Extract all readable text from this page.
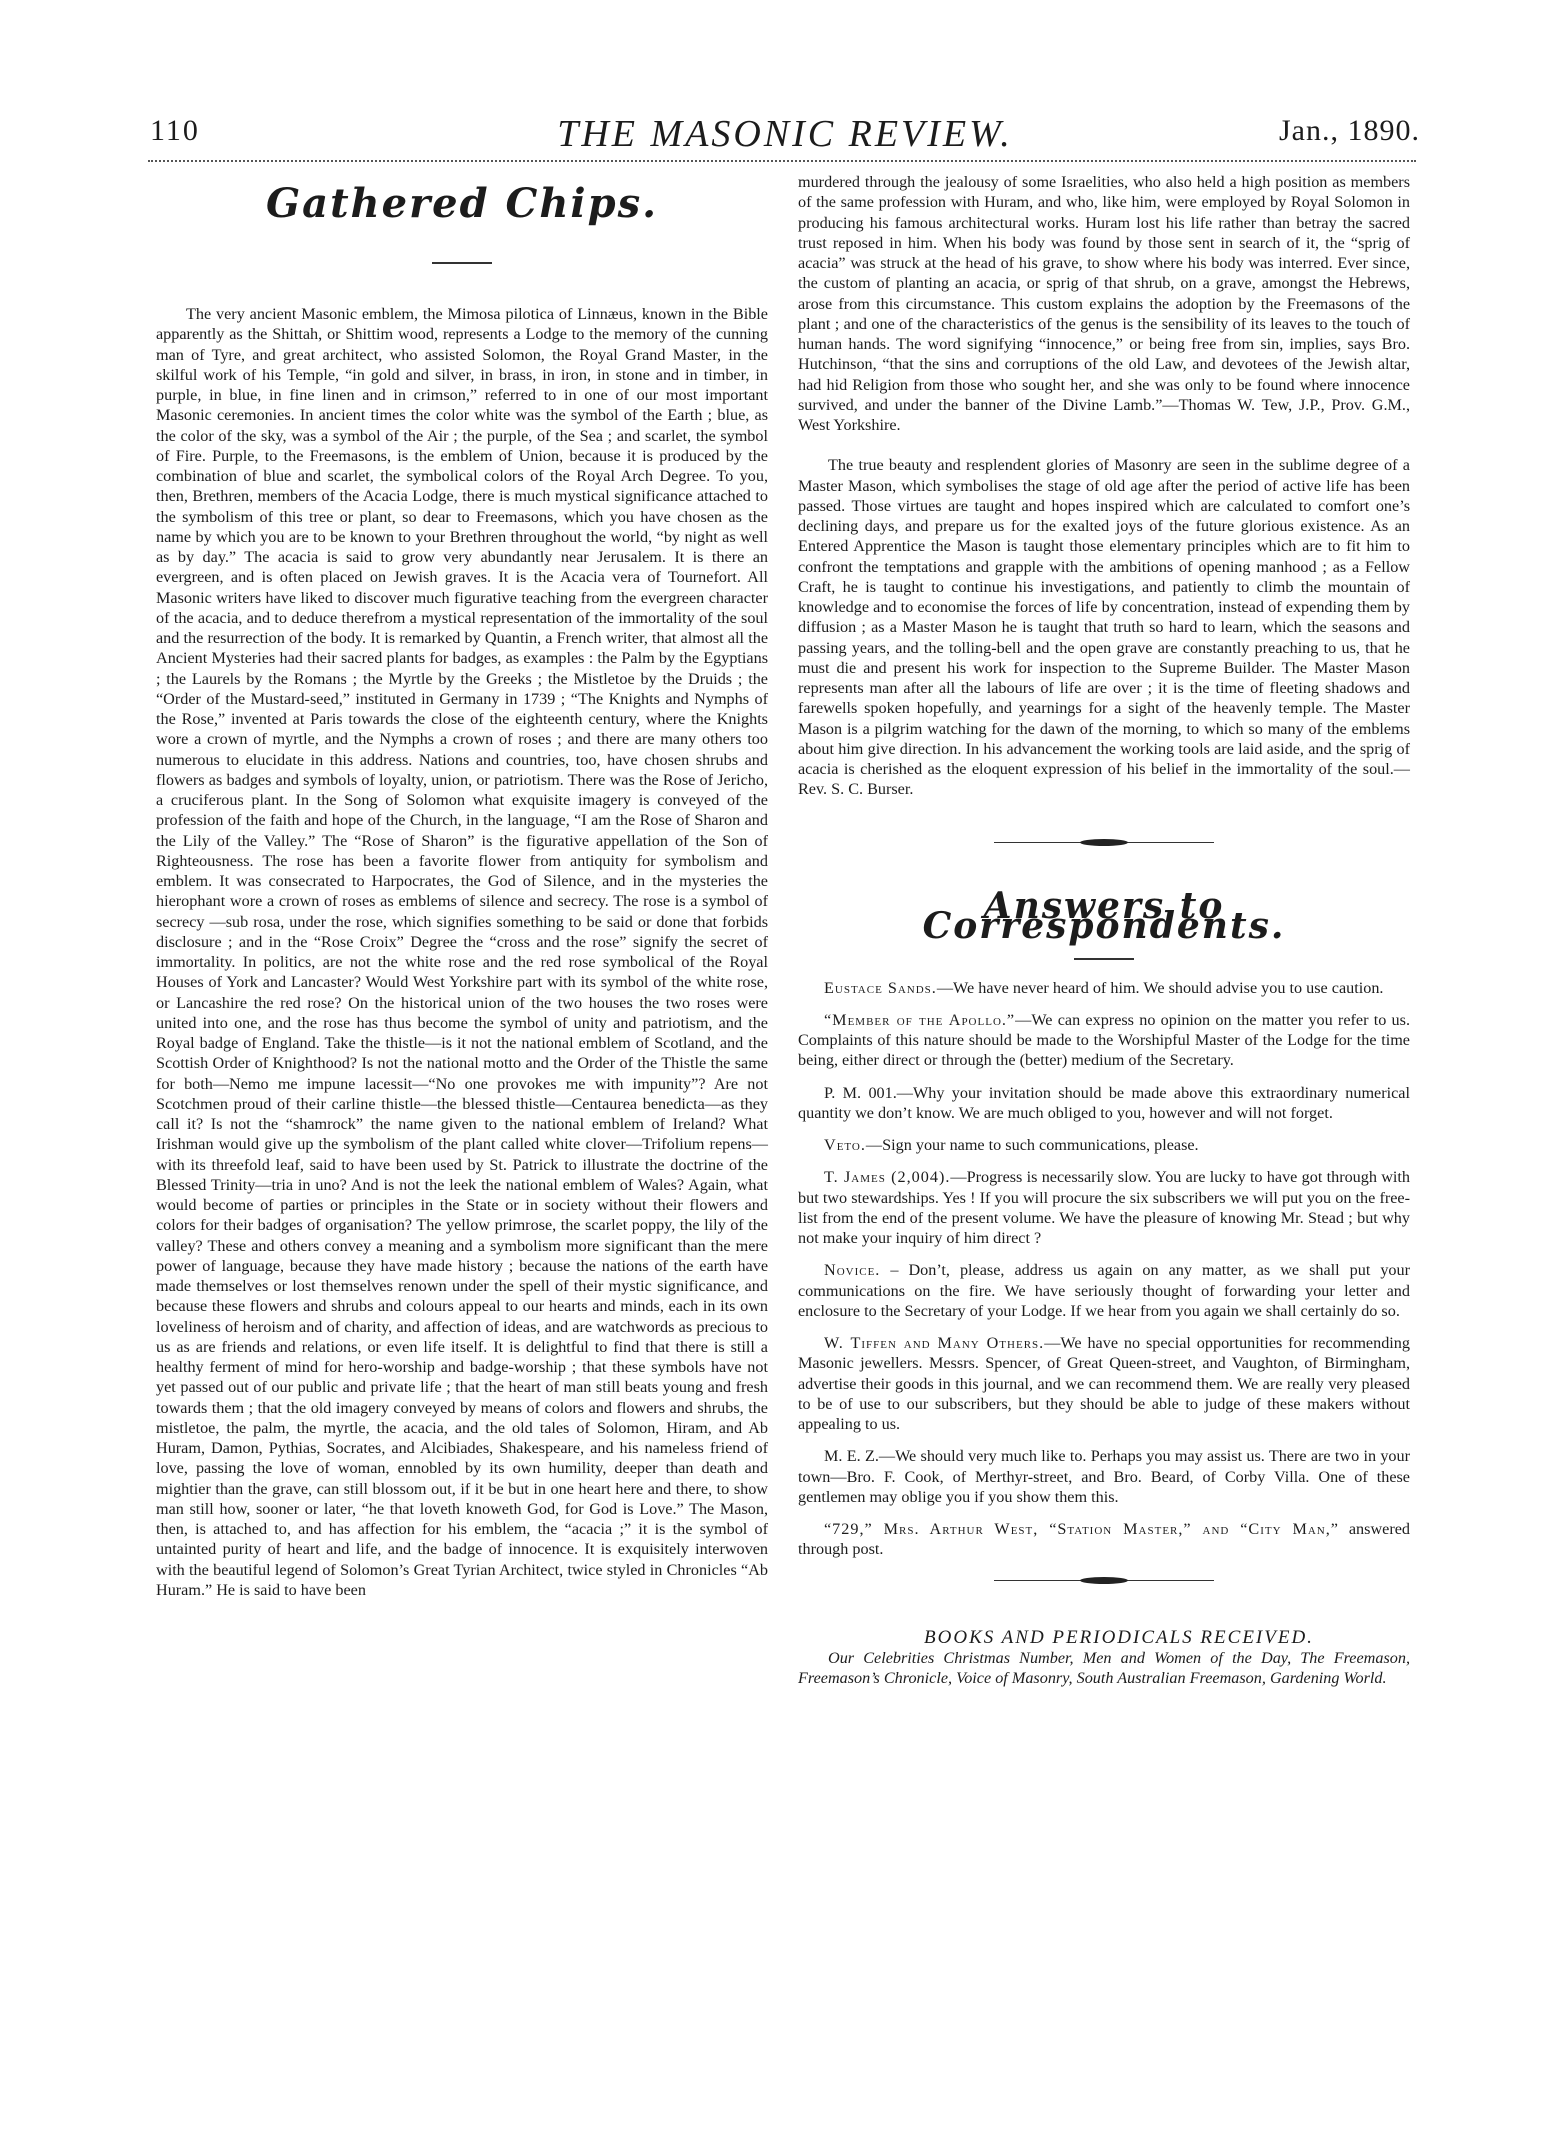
110	THE MASONIC REVIEW.	Jan., 1890.
Gathered Chips.

The very ancient Masonic emblem, the Mimosa pilotica of Linnæus, known in the Bible apparently as the Shittah, or Shittim wood, represents a Lodge to the memory of the cunning man of Tyre, and great architect, who assisted Solomon, the Royal Grand Master, in the skilful work of his Temple, “in gold and silver, in brass, in iron, in stone and in timber, in purple, in blue, in fine linen and in crimson,” referred to in one of our most important Masonic ceremonies. In ancient times the color white was the symbol of the Earth ; blue, as the color of the sky, was a symbol of the Air ; the purple, of the Sea ; and scarlet, the symbol of Fire. Purple, to the Freemasons, is the emblem of Union, because it is produced by the combination of blue and scarlet, the symbolical colors of the Royal Arch Degree. To you, then, Brethren, members of the Acacia Lodge, there is much mystical significance attached to the symbolism of this tree or plant, so dear to Freemasons, which you have chosen as the name by which you are to be known to your Brethren throughout the world, “by night as well as by day.” The acacia is said to grow very abundantly near Jerusalem. It is there an evergreen, and is often placed on Jewish graves. It is the Acacia vera of Tournefort. All Masonic writers have liked to discover much figurative teaching from the evergreen character of the acacia, and to deduce therefrom a mystical representation of the immortality of the soul and the resurrection of the body. It is remarked by Quantin, a French writer, that almost all the Ancient Mysteries had their sacred plants for badges, as examples : the Palm by the Egyptians ; the Laurels by the Romans ; the Myrtle by the Greeks ; the Mistletoe by the Druids ; the “Order of the Mustard-seed,” instituted in Germany in 1739 ; “The Knights and Nymphs of the Rose,” invented at Paris towards the close of the eighteenth century, where the Knights wore a crown of myrtle, and the Nymphs a crown of roses ; and there are many others too numerous to elucidate in this address. Nations and countries, too, have chosen shrubs and flowers as badges and symbols of loyalty, union, or patriotism. There was the Rose of Jericho, a cruciferous plant. In the Song of Solomon what exquisite imagery is conveyed of the profession of the faith and hope of the Church, in the language, “I am the Rose of Sharon and the Lily of the Valley.” The “Rose of Sharon” is the figurative appellation of the Son of Righteousness. The rose has been a favorite flower from antiquity for symbolism and emblem. It was consecrated to Harpocrates, the God of Silence, and in the mysteries the hierophant wore a crown of roses as emblems of silence and secrecy. The rose is a symbol of secrecy —sub rosa, under the rose, which signifies something to be said or done that forbids disclosure ; and in the “Rose Croix” Degree the “cross and the rose” signify the secret of immortality. In politics, are not the white rose and the red rose symbolical of the Royal Houses of York and Lancaster? Would West Yorkshire part with its symbol of the white rose, or Lancashire the red rose? On the historical union of the two houses the two roses were united into one, and the rose has thus become the symbol of unity and patriotism, and the Royal badge of England. Take the thistle—is it not the national emblem of Scotland, and the Scottish Order of Knighthood? Is not the national motto and the Order of the Thistle the same for both—Nemo me impune lacessit—“No one provokes me with impunity”? Are not Scotchmen proud of their carline thistle—the blessed thistle—Centaurea benedicta—as they call it? Is not the “shamrock” the name given to the national emblem of Ireland? What Irishman would give up the symbolism of the plant called white clover—Trifolium repens—with its threefold leaf, said to have been used by St. Patrick to illustrate the doctrine of the Blessed Trinity—tria in uno? And is not the leek the national emblem of Wales? Again, what would become of parties or principles in the State or in society without their flowers and colors for their badges of organisation? The yellow primrose, the scarlet poppy, the lily of the valley? These and others convey a meaning and a symbolism more significant than the mere power of language, because they have made history ; because the nations of the earth have made themselves or lost themselves renown under the spell of their mystic significance, and because these flowers and shrubs and colours appeal to our hearts and minds, each in its own loveliness of heroism and of charity, and affection of ideas, and are watchwords as precious to us as are friends and relations, or even life itself. It is delightful to find that there is still a healthy ferment of mind for hero-worship and badge-worship ; that these symbols have not yet passed out of our public and private life ; that the heart of man still beats young and fresh towards them ; that the old imagery conveyed by means of colors and flowers and shrubs, the mistletoe, the palm, the myrtle, the acacia, and the old tales of Solomon, Hiram, and Ab Huram, Damon, Pythias, Socrates, and Alcibiades, Shakespeare, and his nameless friend of love, passing the love of woman, ennobled by its own humility, deeper than death and mightier than the grave, can still blossom out, if it be but in one heart here and there, to show man still how, sooner or later, “he that loveth knoweth God, for God is Love.” The Mason, then, is attached to, and has affection for his emblem, the “acacia ;” it is the symbol of untainted purity of heart and life, and the badge of innocence. It is exquisitely interwoven with the beautiful legend of Solomon’s Great Tyrian Architect, twice styled in Chronicles “Ab Huram.” He is said to have been

murdered through the jealousy of some Israelities, who also held a high position as members of the same profession with Huram, and who, like him, were employed by Royal Solomon in producing his famous architectural works. Huram lost his life rather than betray the sacred trust reposed in him. When his body was found by those sent in search of it, the “sprig of acacia” was struck at the head of his grave, to show where his body was interred. Ever since, the custom of planting an acacia, or sprig of that shrub, on a grave, amongst the Hebrews, arose from this circumstance. This custom explains the adoption by the Freemasons of the plant ; and one of the characteristics of the genus is the sensibility of its leaves to the touch of human hands. The word signifying “innocence,” or being free from sin, implies, says Bro. Hutchinson, “that the sins and corruptions of the old Law, and devotees of the Jewish altar, had hid Religion from those who sought her, and she was only to be found where innocence survived, and under the banner of the Divine Lamb.”—Thomas W. Tew, J.P., Prov. G.M., West Yorkshire.

The true beauty and resplendent glories of Masonry are seen in the sublime degree of a Master Mason, which symbolises the stage of old age after the period of active life has been passed. Those virtues are taught and hopes inspired which are calculated to comfort one’s declining days, and prepare us for the exalted joys of the future glorious existence. As an Entered Apprentice the Mason is taught those elementary principles which are to fit him to confront the temptations and grapple with the ambitions of opening manhood ; as a Fellow Craft, he is taught to continue his investigations, and patiently to climb the mountain of knowledge and to economise the forces of life by concentration, instead of expending them by diffusion ; as a Master Mason he is taught that truth so hard to learn, which the seasons and passing years, and the tolling-bell and the open grave are constantly preaching to us, that he must die and present his work for inspection to the Supreme Builder. The Master Mason represents man after all the labours of life are over ; it is the time of fleeting shadows and farewells spoken hopefully, and yearnings for a sight of the heavenly temple. The Master Mason is a pilgrim watching for the dawn of the morning, to which so many of the emblems about him give direction. In his advancement the working tools are laid aside, and the sprig of acacia is cherished as the eloquent expression of his belief in the immortality of the soul.—Rev. S. C. Burser.

Answers to Correspondents.

Eustace Sands.—We have never heard of him. We should advise you to use caution.

“Member of the Apollo.”—We can express no opinion on the matter you refer to us. Complaints of this nature should be made to the Worshipful Master of the Lodge for the time being, either direct or through the (better) medium of the Secretary.

P. M. 001.—Why your invitation should be made above this extraordinary numerical quantity we don’t know. We are much obliged to you, however and will not forget.

Veto.—Sign your name to such communications, please.

T. James (2,004).—Progress is necessarily slow. You are lucky to have got through with but two stewardships. Yes ! If you will procure the six subscribers we will put you on the free-list from the end of the present volume. We have the pleasure of knowing Mr. Stead ; but why not make your inquiry of him direct ?

Novice. – Don’t, please, address us again on any matter, as we shall put your communications on the fire. We have seriously thought of forwarding your letter and enclosure to the Secretary of your Lodge. If we hear from you again we shall certainly do so.

W. Tiffen and Many Others.—We have no special opportunities for recommending Masonic jewellers. Messrs. Spencer, of Great Queen-street, and Vaughton, of Birmingham, advertise their goods in this journal, and we can recommend them. We are really very pleased to be of use to our subscribers, but they should be able to judge of these makers without appealing to us.

M. E. Z.—We should very much like to. Perhaps you may assist us. There are two in your town—Bro. F. Cook, of Merthyr-street, and Bro. Beard, of Corby Villa. One of these gentlemen may oblige you if you show them this.

“729,” Mrs. Arthur West, “Station Master,” and “City Man,” answered through post.

BOOKS AND PERIODICALS RECEIVED.

Our Celebrities Christmas Number, Men and Women of the Day, The Freemason, Freemason’s Chronicle, Voice of Masonry, South Australian Freemason, Gardening World.
